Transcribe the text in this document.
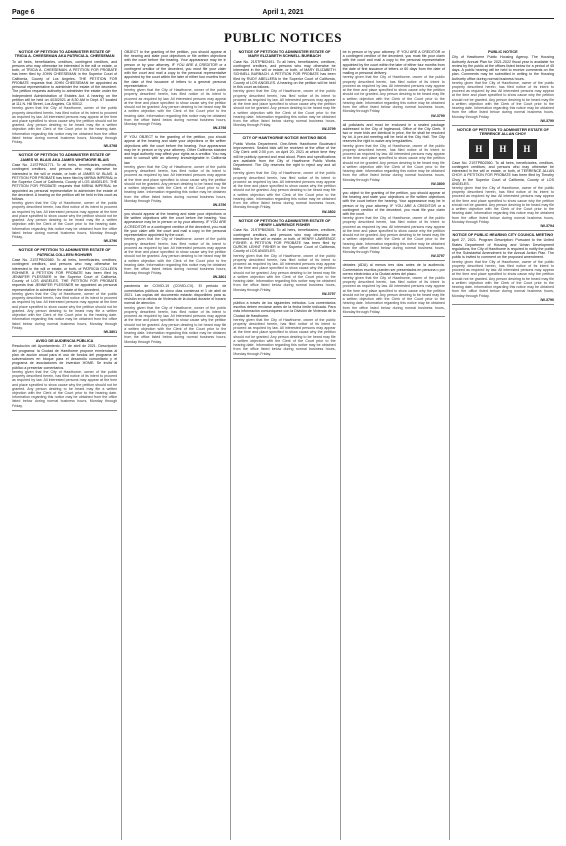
Page 6	April 1, 2021
PUBLIC NOTICES
NOTICE OF PETITION TO ADMINISTER ESTATE OF TRICIA A. CHEESEMAN AKA PATRICIA A. CHEESEMAN
To all heirs, beneficiaries, creditors, contingent creditors, and persons who may otherwise be interested in the will or estate, or both, of TRICIA A. CHEESEMAN. A PETITION FOR PROBATE has been filed by JOHN CHEESEMAN in the Superior Court of California, County of Los Angeles. THE PETITION FOR PROBATE requests that JOHN CHEESEMAN be appointed as personal representative to administer the estate of the decedent. The petition requests authority to administer the estate under the Independent Administration of Estates Act. A hearing on the petition will be held on 4/15/2021 at 8:30 AM in Dept. 67 located at 111 N. Hill Street, Los Angeles, CA 90012.
hereby given that the City of Hawthorne, owner of the public property described herein, has filed notice of its intent to proceed as required by law. All interested persons may appear at the time and place specified to show cause why the petition should not be granted. Any person desiring to be heard may file a written objection with the Clerk of the Court prior to the hearing date. Information regarding this notice may be obtained from the office listed below during normal business hours, Monday through Friday.
IW-3798
NOTICE OF PETITION TO ADMINISTER ESTATE OF JAMES W. BLAIS AKA JAMES WHITMORE BLAIS
Case No. 21STPB01771. To all heirs, beneficiaries, creditors, contingent creditors, and persons who may otherwise be interested in the will or estate, or both of JAMES W. BLAIS. A PETITION FOR PROBATE has been filed by MIRNA IMPERIAL in the Superior Court of California, County of LOS ANGELES. THE PETITION FOR PROBATE requests that MIRNA IMPERIAL be appointed as personal representative to administer the estate of the decedent. A hearing on the petition will be held in this court as follows.
hereby given that the City of Hawthorne, owner of the public property described herein, has filed notice of its intent to proceed as required by law. All interested persons may appear at the time and place specified to show cause why the petition should not be granted. Any person desiring to be heard may file a written objection with the Clerk of the Court prior to the hearing date. Information regarding this notice may be obtained from the office listed below during normal business hours, Monday through Friday.
IW-3796
NOTICE OF PETITION TO ADMINISTER ESTATE OF PATRICIA COLLEEN ROHWER
Case No. 21STPB02580. To all heirs, beneficiaries, creditors, contingent creditors, and persons who may otherwise be interested in the will or estate, or both, of PATRICIA COLLEEN ROHWER. A PETITION FOR PROBATE has been filed by JENNIFER PLESSNER in the Superior Court of California, County of LOS ANGELES. THE PETITION FOR PROBATE requests that JENNIFER PLESSNER be appointed as personal representative to administer the estate of the decedent.
hereby given that the City of Hawthorne, owner of the public property described herein, has filed notice of its intent to proceed as required by law. All interested persons may appear at the time and place specified to show cause why the petition should not be granted. Any person desiring to be heard may file a written objection with the Clerk of the Court prior to the hearing date. Information regarding this notice may be obtained from the office listed below during normal business hours, Monday through Friday.
IW-3801
AVISO DE AUDIENCIA PÚBLICA
Resolución del Ayuntamiento. 27 de abril de 2021. Descripción del programa: la Ciudad de Hawthorne propone enmiendas al plan de acción anual para el uso de fondos del programa de subvenciones en bloque para el desarrollo comunitario y el programa de asociaciones de inversión HOME. Se invita al público a presentar comentarios.
hereby given that the City of Hawthorne, owner of the public property described herein, has filed notice of its intent to proceed as required by law. All interested persons may appear at the time and place specified to show cause why the petition should not be granted. Any person desiring to be heard may file a written objection with the Clerk of the Court prior to the hearing date. Information regarding this notice may be obtained from the office listed below during normal business hours, Monday through Friday.
OBJECT to the granting of the petition, you should appear at the hearing and state your objections or file written objections with the court before the hearing. Your appearance may be in person or by your attorney. IF YOU ARE A CREDITOR or a contingent creditor of the decedent, you must file your claim with the court and mail a copy to the personal representative appointed by the court within the later of either four months from the date of first issuance of letters to a general personal representative.
hereby given that the City of Hawthorne, owner of the public property described herein, has filed notice of its intent to proceed as required by law. All interested persons may appear at the time and place specified to show cause why the petition should not be granted. Any person desiring to be heard may file a written objection with the Clerk of the Court prior to the hearing date. Information regarding this notice may be obtained from the office listed below during normal business hours, Monday through Friday.
IW-3798
IF YOU OBJECT to the granting of the petition, you should appear at the hearing and state your objections or file written objections with the court before the hearing. Your appearance may be in person or by your attorney. Other California statutes and legal authority may affect your rights as a creditor. You may want to consult with an attorney knowledgeable in California law.
hereby given that the City of Hawthorne, owner of the public property described herein, has filed notice of its intent to proceed as required by law. All interested persons may appear at the time and place specified to show cause why the petition should not be granted. Any person desiring to be heard may file a written objection with the Clerk of the Court prior to the hearing date. Information regarding this notice may be obtained from the office listed below during normal business hours, Monday through Friday.
IW-3796
you should appear at the hearing and state your objections or file written objections with the court before the hearing. Your appearance may be in person or by your attorney. IF YOU ARE A CREDITOR or a contingent creditor of the decedent, you must file your claim with the court and mail a copy to the personal representative appointed by the court.
hereby given that the City of Hawthorne, owner of the public property described herein, has filed notice of its intent to proceed as required by law. All interested persons may appear at the time and place specified to show cause why the petition should not be granted. Any person desiring to be heard may file a written objection with the Clerk of the Court prior to the hearing date. Information regarding this notice may be obtained from the office listed below during normal business hours, Monday through Friday.
IW-3801
pandemia de COVID-19 (COVID-CV). El periodo de comentarios públicos de cinco días comienza el 1 de abril de 2021. Las copias del documento estarán disponibles para su revisión en la oficina de Vivienda de la ciudad durante el horario normal de atención.
hereby given that the City of Hawthorne, owner of the public property described herein, has filed notice of its intent to proceed as required by law. All interested persons may appear at the time and place specified to show cause why the petition should not be granted. Any person desiring to be heard may file a written objection with the Clerk of the Court prior to the hearing date. Information regarding this notice may be obtained from the office listed below during normal business hours, Monday through Friday.
NOTICE OF PETITION TO ADMINISTER ESTATE OF MARY ELIZABETH SCHNELL BURBACH
Case No. 21STPB02491. To all heirs, beneficiaries, creditors, contingent creditors, and persons who may otherwise be interested in the will or estate, or both, of MARY ELIZABETH SCHNELL BURBACH. A PETITION FOR PROBATE has been filed by RUDY ABELLERA in the Superior Court of California, County of LOS ANGELES. A hearing on the petition will be held in this court as follows.
hereby given that the City of Hawthorne, owner of the public property described herein, has filed notice of its intent to proceed as required by law. All interested persons may appear at the time and place specified to show cause why the petition should not be granted. Any person desiring to be heard may file a written objection with the Clerk of the Court prior to the hearing date. Information regarding this notice may be obtained from the office listed below during normal business hours, Monday through Friday.
IW-3799
CITY OF HAWTHORNE NOTICE INVITING BIDS
Public Works Department. One-Week Hawthorne Boulevard Improvement. Sealed bids will be received at the office of the City Clerk until 2:00 p.m. on April 20, 2021 at which time they will be publicly opened and read aloud. Plans and specifications are available from the City of Hawthorne Public Works Department. The City reserves the right to reject any and all bids.
hereby given that the City of Hawthorne, owner of the public property described herein, has filed notice of its intent to proceed as required by law. All interested persons may appear at the time and place specified to show cause why the petition should not be granted. Any person desiring to be heard may file a written objection with the Clerk of the Court prior to the hearing date. Information regarding this notice may be obtained from the office listed below during normal business hours, Monday through Friday.
IW-3802
NOTICE OF PETITION TO ADMINISTER ESTATE OF HENRY LAWRENCE FISHER
Case No. 21STPB02605. To all heirs, beneficiaries, creditors, contingent creditors, and persons who may otherwise be interested in the will or estate, or both, of HENRY LAWRENCE FISHER. A PETITION FOR PROBATE has been filed by DURCHI LEHNT FISHER in the Superior Court of California, County of LOS ANGELES.
hereby given that the City of Hawthorne, owner of the public property described herein, has filed notice of its intent to proceed as required by law. All interested persons may appear at the time and place specified to show cause why the petition should not be granted. Any person desiring to be heard may file a written objection with the Clerk of the Court prior to the hearing date. Information regarding this notice may be obtained from the office listed below during normal business hours, Monday through Friday.
IW-3797
público a través de los siguientes métodos. Los comentarios escritos deben enviarse antes de la fecha límite indicada. Para más información comuníquese con la División de Vivienda de la Ciudad de Hawthorne.
hereby given that the City of Hawthorne, owner of the public property described herein, has filed notice of its intent to proceed as required by law. All interested persons may appear at the time and place specified to show cause why the petition should not be granted. Any person desiring to be heard may file a written objection with the Clerk of the Court prior to the hearing date. Information regarding this notice may be obtained from the office listed below during normal business hours, Monday through Friday.
be in person or by your attorney. IF YOU ARE A CREDITOR or a contingent creditor of the decedent, you must file your claim with the court and mail a copy to the personal representative appointed by the court within the later of either four months from the date of first issuance of letters or 60 days from the date of mailing or personal delivery.
hereby given that the City of Hawthorne, owner of the public property described herein, has filed notice of its intent to proceed as required by law. All interested persons may appear at the time and place specified to show cause why the petition should not be granted. Any person desiring to be heard may file a written objection with the Clerk of the Court prior to the hearing date. Information regarding this notice may be obtained from the office listed below during normal business hours, Monday through Friday.
IW-3799
all pollutants and must be enclosed in a sealed package addressed to the City of Inglewood, Office of the City Clerk. If two or more bids are identical in price, the tie shall be resolved by lot. A pre-bid meeting will be held at the City Hall. The City reserves the right to waive any irregularities.
hereby given that the City of Hawthorne, owner of the public property described herein, has filed notice of its intent to proceed as required by law. All interested persons may appear at the time and place specified to show cause why the petition should not be granted. Any person desiring to be heard may file a written objection with the Clerk of the Court prior to the hearing date. Information regarding this notice may be obtained from the office listed below during normal business hours, Monday through Friday.
IW-3800
you object to the granting of the petition, you should appear at the hearing and state your objections or file written objections with the court before the hearing. Your appearance may be in person or by your attorney. IF YOU ARE A CREDITOR or a contingent creditor of the decedent, you must file your claim with the court.
hereby given that the City of Hawthorne, owner of the public property described herein, has filed notice of its intent to proceed as required by law. All interested persons may appear at the time and place specified to show cause why the petition should not be granted. Any person desiring to be heard may file a written objection with the Clerk of the Court prior to the hearing date. Information regarding this notice may be obtained from the office listed below during normal business hours, Monday through Friday.
IW-3797
debates (ADA) al menos tres días antes de la audiencia. Comentarios escritos pueden ser presentados en persona o por correo electrónico a la Ciudad antes del plazo.
hereby given that the City of Hawthorne, owner of the public property described herein, has filed notice of its intent to proceed as required by law. All interested persons may appear at the time and place specified to show cause why the petition should not be granted. Any person desiring to be heard may file a written objection with the Clerk of the Court prior to the hearing date. Information regarding this notice may be obtained from the office listed below during normal business hours, Monday through Friday.
PUBLIC NOTICE
City of Hawthorne Public Housing Agency. The Housing Authority Annual Plan for 2021-2022 fiscal year is available for review by the public at the offices listed below for a period of 45 days. A public hearing will be held to receive comments on the plan. Comments may be submitted in writing to the Housing Authority office during normal business hours.
hereby given that the City of Hawthorne, owner of the public property described herein, has filed notice of its intent to proceed as required by law. All interested persons may appear at the time and place specified to show cause why the petition should not be granted. Any person desiring to be heard may file a written objection with the Clerk of the Court prior to the hearing date. Information regarding this notice may be obtained from the office listed below during normal business hours, Monday through Friday.
IW-3790
NOTICE OF PETITION TO ADMINISTER ESTATE OF TERRENCE ALLAN CHOY
H	H	H
Case No. 21STPB02560. To all heirs, beneficiaries, creditors, contingent creditors, and persons who may otherwise be interested in the will or estate, or both, of TERRENCE ALLAN CHOY. A PETITION FOR PROBATE has been filed by Timothy Choy in the Superior Court of California, County of LOS ANGELES.
hereby given that the City of Hawthorne, owner of the public property described herein, has filed notice of its intent to proceed as required by law. All interested persons may appear at the time and place specified to show cause why the petition should not be granted. Any person desiring to be heard may file a written objection with the Clerk of the Court prior to the hearing date. Information regarding this notice may be obtained from the office listed below during normal business hours, Monday through Friday.
IW-3794
NOTICE OF PUBLIC HEARING CITY COUNCIL MEETING
April 27, 2021. Program Description: Pursuant to the United States Department of Housing and Urban Development regulations, the City of Hawthorne is required to notify the public of the Substantial Amendment to the Annual Action Plan. The public is invited to comment on the proposed amendment.
hereby given that the City of Hawthorne, owner of the public property described herein, has filed notice of its intent to proceed as required by law. All interested persons may appear at the time and place specified to show cause why the petition should not be granted. Any person desiring to be heard may file a written objection with the Clerk of the Court prior to the hearing date. Information regarding this notice may be obtained from the office listed below during normal business hours, Monday through Friday.
IW-3790
